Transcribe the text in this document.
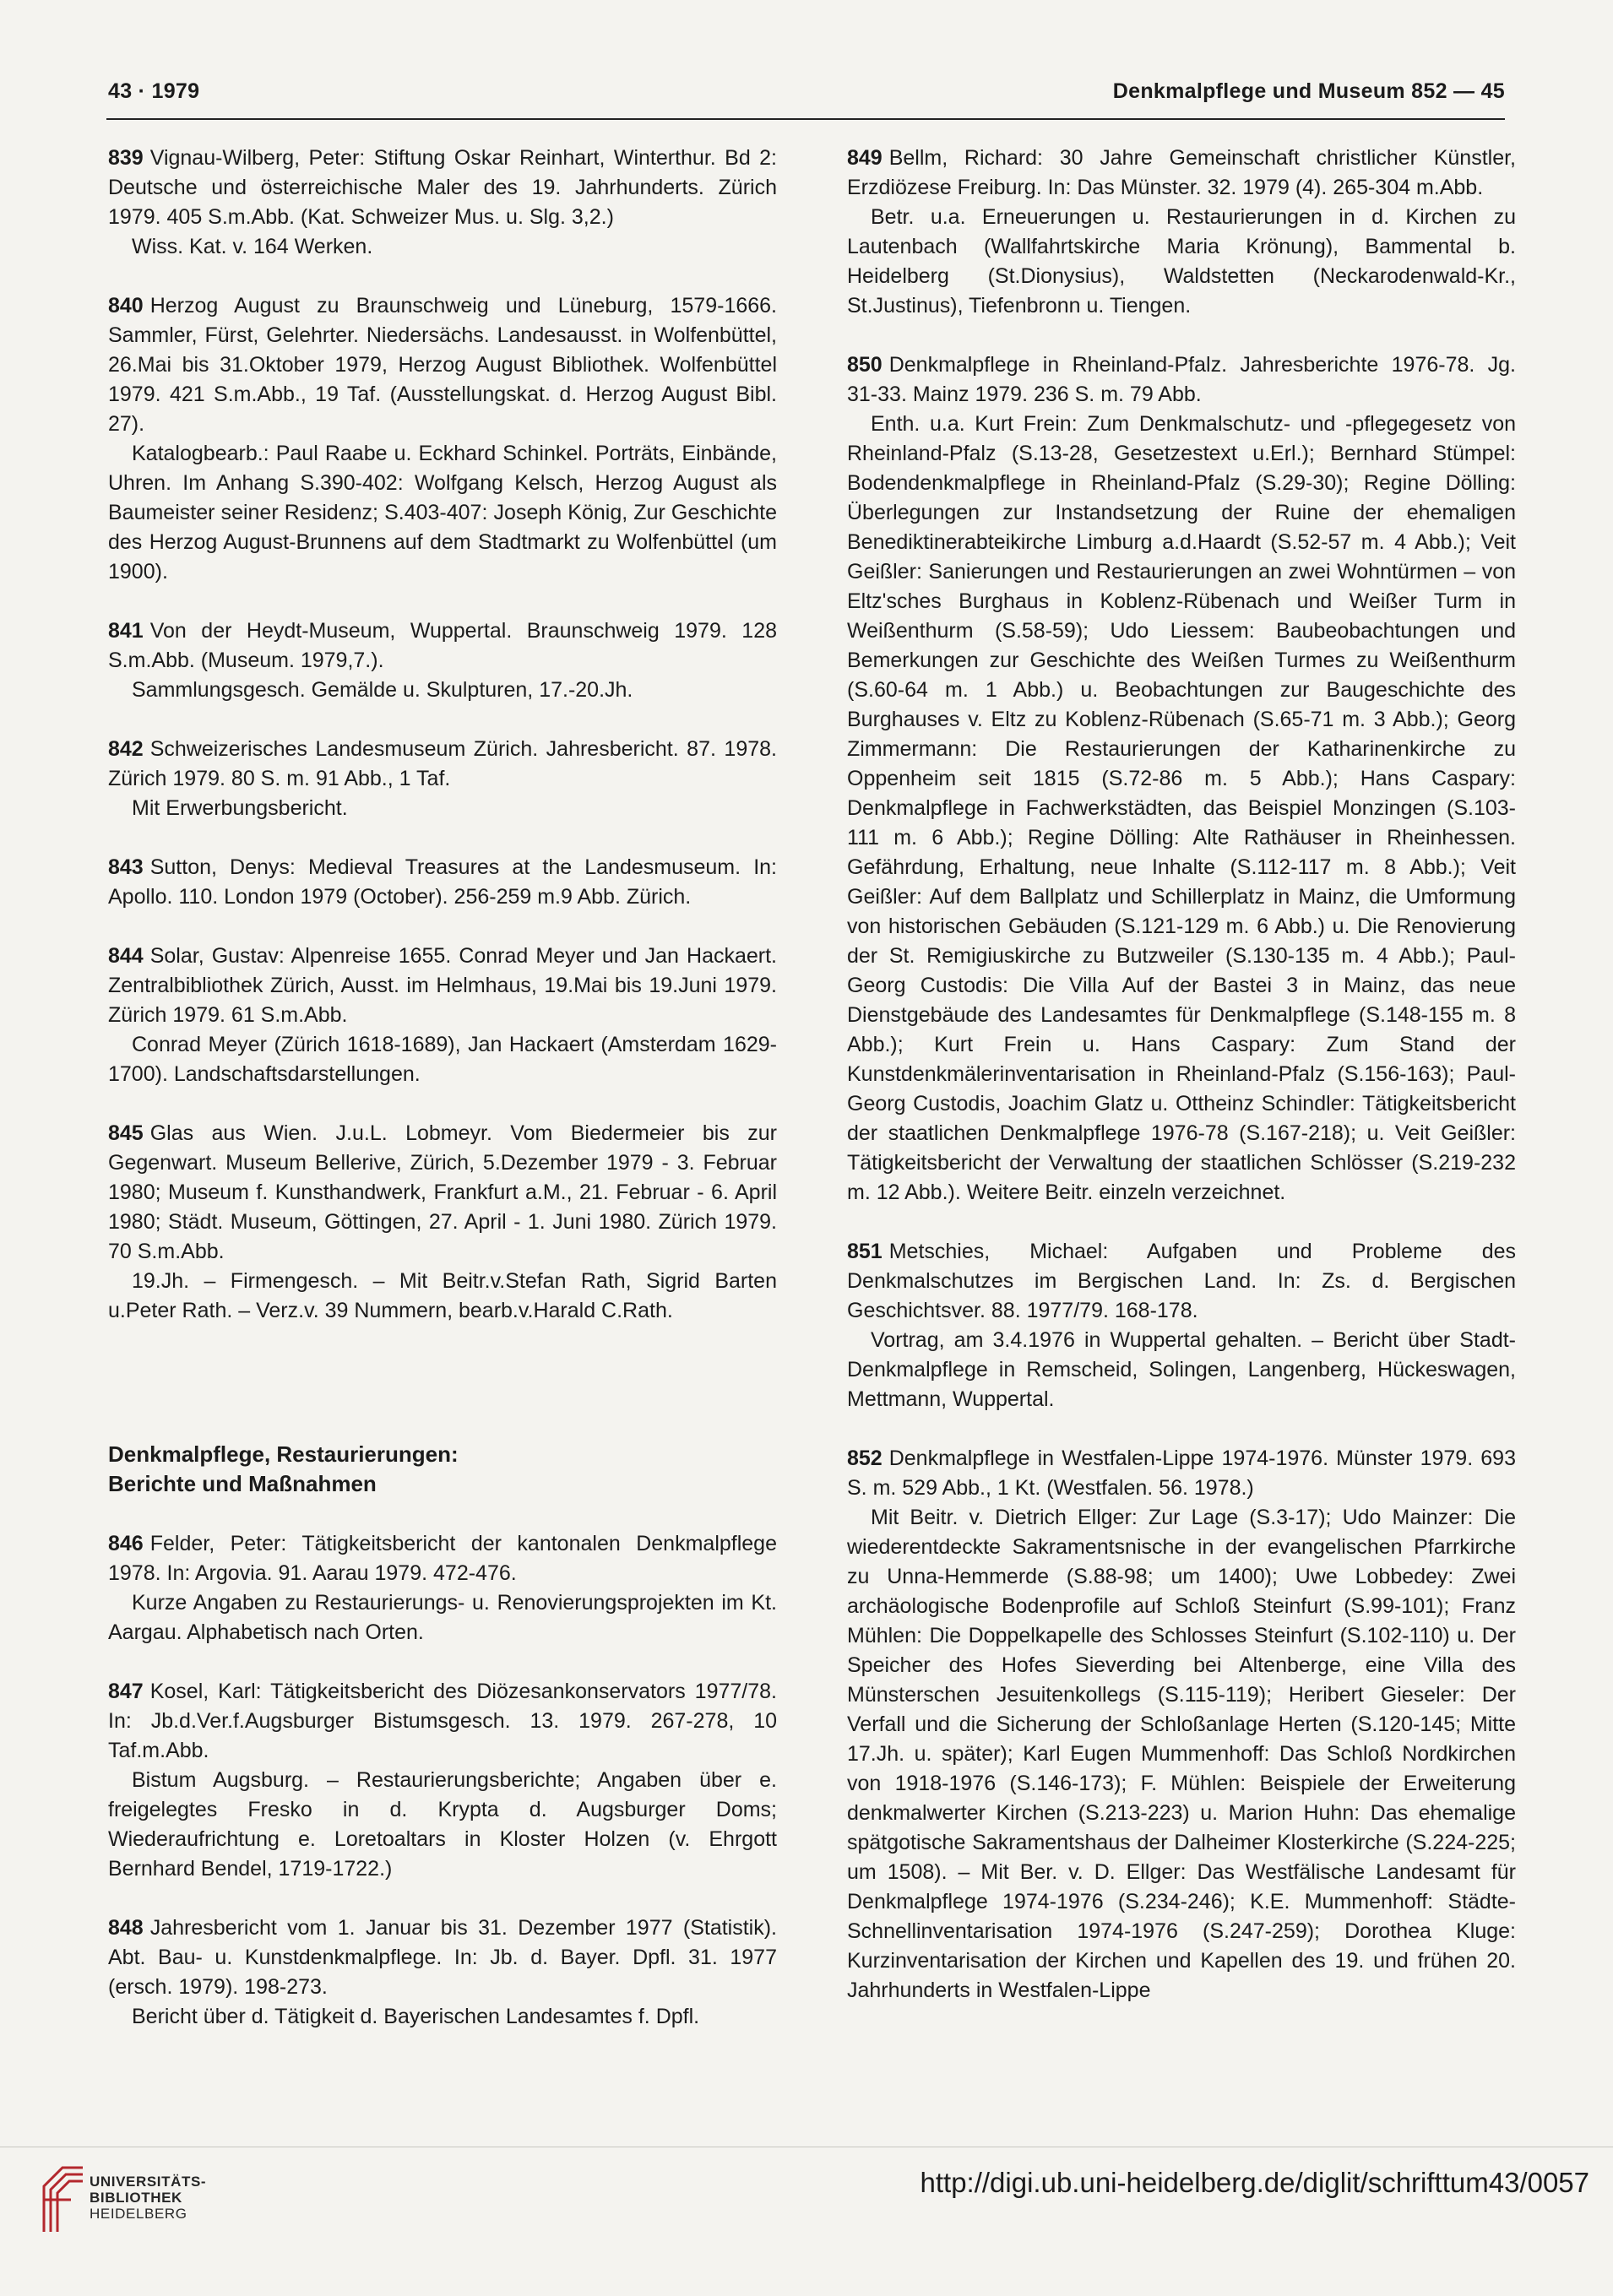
43 · 1979	Denkmalpflege und Museum 852 — 45

839 Vignau-Wilberg, Peter: Stiftung Oskar Reinhart, Winterthur. Bd 2: Deutsche und österreichische Maler des 19. Jahrhunderts. Zürich 1979. 405 S.m.Abb. (Kat. Schweizer Mus. u. Slg. 3,2.)

Wiss. Kat. v. 164 Werken.

840 Herzog August zu Braunschweig und Lüneburg, 1579-1666. Sammler, Fürst, Gelehrter. Niedersächs. Landesausst. in Wolfenbüttel, 26.Mai bis 31.Oktober 1979, Herzog August Bibliothek. Wolfenbüttel 1979. 421 S.m.Abb., 19 Taf. (Ausstellungskat. d. Herzog August Bibl. 27).

Katalogbearb.: Paul Raabe u. Eckhard Schinkel. Porträts, Einbände, Uhren. Im Anhang S.390-402: Wolfgang Kelsch, Herzog August als Baumeister seiner Residenz; S.403-407: Joseph König, Zur Geschichte des Herzog August-Brunnens auf dem Stadtmarkt zu Wolfenbüttel (um 1900).

841 Von der Heydt-Museum, Wuppertal. Braunschweig 1979. 128 S.m.Abb. (Museum. 1979,7.).

Sammlungsgesch. Gemälde u. Skulpturen, 17.-20.Jh.

842 Schweizerisches Landesmuseum Zürich. Jahresbericht. 87. 1978. Zürich 1979. 80 S. m. 91 Abb., 1 Taf.

Mit Erwerbungsbericht.

843 Sutton, Denys: Medieval Treasures at the Landesmuseum. In: Apollo. 110. London 1979 (October). 256-259 m.9 Abb. Zürich.

844 Solar, Gustav: Alpenreise 1655. Conrad Meyer und Jan Hackaert. Zentralbibliothek Zürich, Ausst. im Helmhaus, 19.Mai bis 19.Juni 1979. Zürich 1979. 61 S.m.Abb.

Conrad Meyer (Zürich 1618-1689), Jan Hackaert (Amsterdam 1629-1700). Landschaftsdarstellungen.

845 Glas aus Wien. J.u.L. Lobmeyr. Vom Biedermeier bis zur Gegenwart. Museum Bellerive, Zürich, 5.Dezember 1979 - 3. Februar 1980; Museum f. Kunsthandwerk, Frankfurt a.M., 21. Februar - 6. April 1980; Städt. Museum, Göttingen, 27. April - 1. Juni 1980. Zürich 1979. 70 S.m.Abb.

19.Jh. – Firmengesch. – Mit Beitr.v.Stefan Rath, Sigrid Barten u.Peter Rath. – Verz.v. 39 Nummern, bearb.v.Harald C.Rath.

Denkmalpflege, Restaurierungen:
Berichte und Maßnahmen

846 Felder, Peter: Tätigkeitsbericht der kantonalen Denkmalpflege 1978. In: Argovia. 91. Aarau 1979. 472-476.

Kurze Angaben zu Restaurierungs- u. Renovierungsprojekten im Kt. Aargau. Alphabetisch nach Orten.

847 Kosel, Karl: Tätigkeitsbericht des Diözesankonservators 1977/78. In: Jb.d.Ver.f.Augsburger Bistumsgesch. 13. 1979. 267-278, 10 Taf.m.Abb.

Bistum Augsburg. – Restaurierungsberichte; Angaben über e. freigelegtes Fresko in d. Krypta d. Augsburger Doms; Wiederaufrichtung e. Loretoaltars in Kloster Holzen (v. Ehrgott Bernhard Bendel, 1719-1722.)

848 Jahresbericht vom 1. Januar bis 31. Dezember 1977 (Statistik). Abt. Bau- u. Kunstdenkmalpflege. In: Jb. d. Bayer. Dpfl. 31. 1977 (ersch. 1979). 198-273.

Bericht über d. Tätigkeit d. Bayerischen Landesamtes f. Dpfl.

849 Bellm, Richard: 30 Jahre Gemeinschaft christlicher Künstler, Erzdiözese Freiburg. In: Das Münster. 32. 1979 (4). 265-304 m.Abb.

Betr. u.a. Erneuerungen u. Restaurierungen in d. Kirchen zu Lautenbach (Wallfahrtskirche Maria Krönung), Bammental b. Heidelberg (St.Dionysius), Waldstetten (Neckarodenwald-Kr., St.Justinus), Tiefenbronn u. Tiengen.

850 Denkmalpflege in Rheinland-Pfalz. Jahresberichte 1976-78. Jg. 31-33. Mainz 1979. 236 S. m. 79 Abb.

Enth. u.a. Kurt Frein: Zum Denkmalschutz- und -pflegegesetz von Rheinland-Pfalz (S.13-28, Gesetzestext u.Erl.); Bernhard Stümpel: Bodendenkmalpflege in Rheinland-Pfalz (S.29-30); Regine Dölling: Überlegungen zur Instandsetzung der Ruine der ehemaligen Benediktinerabteikirche Limburg a.d.Haardt (S.52-57 m. 4 Abb.); Veit Geißler: Sanierungen und Restaurierungen an zwei Wohntürmen – von Eltz'sches Burghaus in Koblenz-Rübenach und Weißer Turm in Weißenthurm (S.58-59); Udo Liessem: Baubeobachtungen und Bemerkungen zur Geschichte des Weißen Turmes zu Weißenthurm (S.60-64 m. 1 Abb.) u. Beobachtungen zur Baugeschichte des Burghauses v. Eltz zu Koblenz-Rübenach (S.65-71 m. 3 Abb.); Georg Zimmermann: Die Restaurierungen der Katharinenkirche zu Oppenheim seit 1815 (S.72-86 m. 5 Abb.); Hans Caspary: Denkmalpflege in Fachwerkstädten, das Beispiel Monzingen (S.103-111 m. 6 Abb.); Regine Dölling: Alte Rathäuser in Rheinhessen. Gefährdung, Erhaltung, neue Inhalte (S.112-117 m. 8 Abb.); Veit Geißler: Auf dem Ballplatz und Schillerplatz in Mainz, die Umformung von historischen Gebäuden (S.121-129 m. 6 Abb.) u. Die Renovierung der St. Remigiuskirche zu Butzweiler (S.130-135 m. 4 Abb.); Paul-Georg Custodis: Die Villa Auf der Bastei 3 in Mainz, das neue Dienstgebäude des Landesamtes für Denkmalpflege (S.148-155 m. 8 Abb.); Kurt Frein u. Hans Caspary: Zum Stand der Kunstdenkmälerinventarisation in Rheinland-Pfalz (S.156-163); Paul-Georg Custodis, Joachim Glatz u. Ottheinz Schindler: Tätigkeitsbericht der staatlichen Denkmalpflege 1976-78 (S.167-218); u. Veit Geißler: Tätigkeitsbericht der Verwaltung der staatlichen Schlösser (S.219-232 m. 12 Abb.). Weitere Beitr. einzeln verzeichnet.

851 Metschies, Michael: Aufgaben und Probleme des Denkmalschutzes im Bergischen Land. In: Zs. d. Bergischen Geschichtsver. 88. 1977/79. 168-178.

Vortrag, am 3.4.1976 in Wuppertal gehalten. – Bericht über Stadt-Denkmalpflege in Remscheid, Solingen, Langenberg, Hückeswagen, Mettmann, Wuppertal.

852 Denkmalpflege in Westfalen-Lippe 1974-1976. Münster 1979. 693 S. m. 529 Abb., 1 Kt. (Westfalen. 56. 1978.)

Mit Beitr. v. Dietrich Ellger: Zur Lage (S.3-17); Udo Mainzer: Die wiederentdeckte Sakramentsnische in der evangelischen Pfarrkirche zu Unna-Hemmerde (S.88-98; um 1400); Uwe Lobbedey: Zwei archäologische Bodenprofile auf Schloß Steinfurt (S.99-101); Franz Mühlen: Die Doppelkapelle des Schlosses Steinfurt (S.102-110) u. Der Speicher des Hofes Sieverding bei Altenberge, eine Villa des Münsterschen Jesuitenkollegs (S.115-119); Heribert Gieseler: Der Verfall und die Sicherung der Schloßanlage Herten (S.120-145; Mitte 17.Jh. u. später); Karl Eugen Mummenhoff: Das Schloß Nordkirchen von 1918-1976 (S.146-173); F. Mühlen: Beispiele der Erweiterung denkmalwerter Kirchen (S.213-223) u. Marion Huhn: Das ehemalige spätgotische Sakramentshaus der Dalheimer Klosterkirche (S.224-225; um 1508). – Mit Ber. v. D. Ellger: Das Westfälische Landesamt für Denkmalpflege 1974-1976 (S.234-246); K.E. Mummenhoff: Städte-Schnellinventarisation 1974-1976 (S.247-259); Dorothea Kluge: Kurzinventarisation der Kirchen und Kapellen des 19. und frühen 20. Jahrhunderts in Westfalen-Lippe

UNIVERSITÄTS-
BIBLIOTHEK
HEIDELBERG
http://digi.ub.uni-heidelberg.de/diglit/schrifttum43/0057
